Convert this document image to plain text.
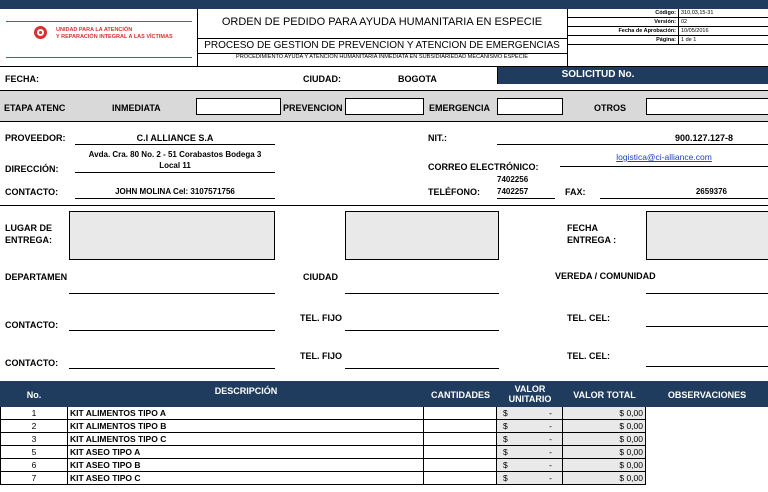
UNIDAD PARA LA ATENCIÓN
Y REPARACIÓN INTEGRAL A LAS VÍCTIMAS
ORDEN DE PEDIDO PARA AYUDA HUMANITARIA EN ESPECIE
PROCESO DE GESTION DE PREVENCION Y ATENCION DE EMERGENCIAS
PROCEDIMIENTO AYUDA Y ATENCIÓN HUMANITARIA INMEDIATA EN SUBSIDIARIEDAD MECANISMO ESPECIE
Código: 310,03,15-31
Versión: 02
Fecha de Aprobación: 10/05/2016
Página: 1 de 1
FECHA:	CIUDAD:	BOGOTA	SOLICITUD No.
ETAPA ATENC	INMEDIATA	PREVENCION	EMERGENCIA	OTROS
PROVEEDOR:	C.I ALLIANCE S.A	NIT.:	900.127.127-8
DIRECCIÓN:
Avda. Cra. 80 No. 2 - 51 Corabastos Bodega 3
Local 11	CORREO ELECTRÓNICO:
logistica@ci-alliance.com
CONTACTO:	JOHN MOLINA Cel: 3107571756	TELÉFONO:
7402256
7402257	FAX:	2659376
LUGAR DE
ENTREGA:
FECHA
ENTREGA :
DEPARTAMEN	CIUDAD	VEREDA / COMUNIDAD
CONTACTO:
TEL. FIJO	TEL. CEL:
CONTACTO:
TEL. FIJO	TEL. CEL:
No.	DESCRIPCIÓN	CANTIDADES
VALOR
UNITARIO	VALOR TOTAL	OBSERVACIONES
1	KIT ALIMENTOS TIPO A	$	-	$ 0,00
2	KIT ALIMENTOS TIPO B	$	-	$ 0,00
3	KIT ALIMENTOS TIPO C	$	-	$ 0,00
5	KIT ASEO TIPO A	$	-	$ 0,00
6	KIT ASEO TIPO B	$	-	$ 0,00
7	KIT ASEO TIPO C	$	-	$ 0,00
